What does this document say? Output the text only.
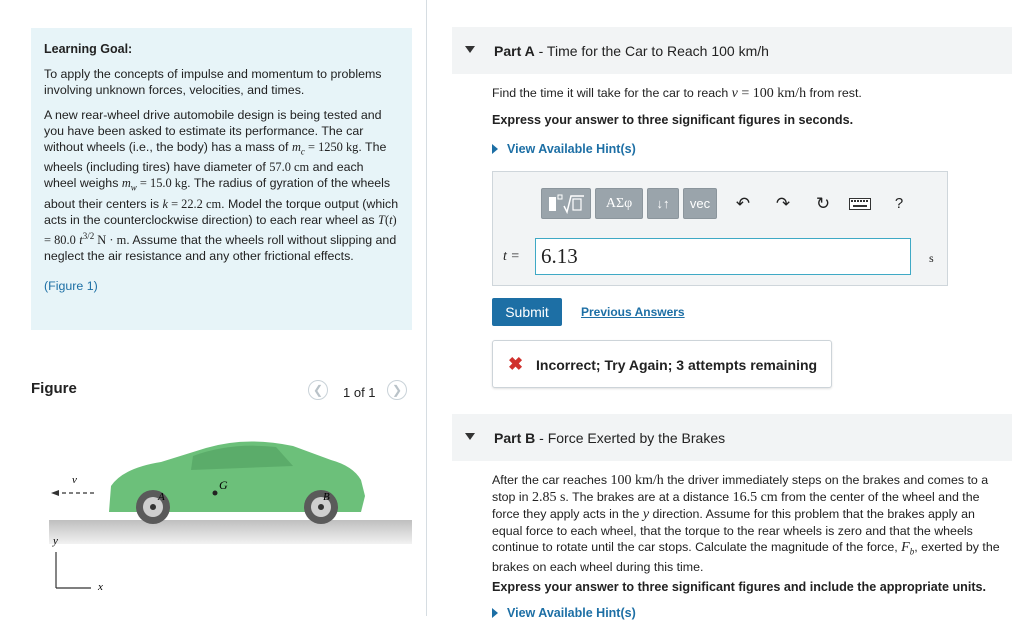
Learning Goal:

To apply the concepts of impulse and momentum to problems involving unknown forces, velocities, and times.

A new rear-wheel drive automobile design is being tested and you have been asked to estimate its performance. The car without wheels (i.e., the body) has a mass of $m_c = 1250$ kg. The wheels (including tires) have diameter of 57.0 cm and each wheel weighs $m_w = 15.0$ kg. The radius of gyration of the wheels about their centers is k = 22.2 cm. Model the torque output (which acts in the counterclockwise direction) to each rear wheel as T(t) = 80.0 $t^{3/2}$ N · m. Assume that the wheels roll without slipping and neglect the air resistance and any other frictional effects.

(Figure 1)

Figure	❮	1 of 1	❯
v	G
A	B
y
x
Part A - Time for the Car to Reach 100 km/h
Find the time it will take for the car to reach v = 100 km/h from rest.
Express your answer to three significant figures in seconds.
View Available Hint(s)
ΑΣφ	↓↑	vec	↶ ↷ ↻	?
t =
6.13	s
Submit	Previous Answers
✖ Incorrect; Try Again; 3 attempts remaining
Part B - Force Exerted by the Brakes
After the car reaches 100 km/h the driver immediately steps on the brakes and comes to a stop in 2.85 s. The brakes are at a distance 16.5 cm from the center of the wheel and the force they apply acts in the y direction. Assume for this problem that the brakes apply an equal force to each wheel, that the torque to the rear wheels is zero and that the wheels continue to rotate until the car stops. Calculate the magnitude of the force, $F_b$, exerted by the brakes on each wheel during this time.
Express your answer to three significant figures and include the appropriate units.
View Available Hint(s)
